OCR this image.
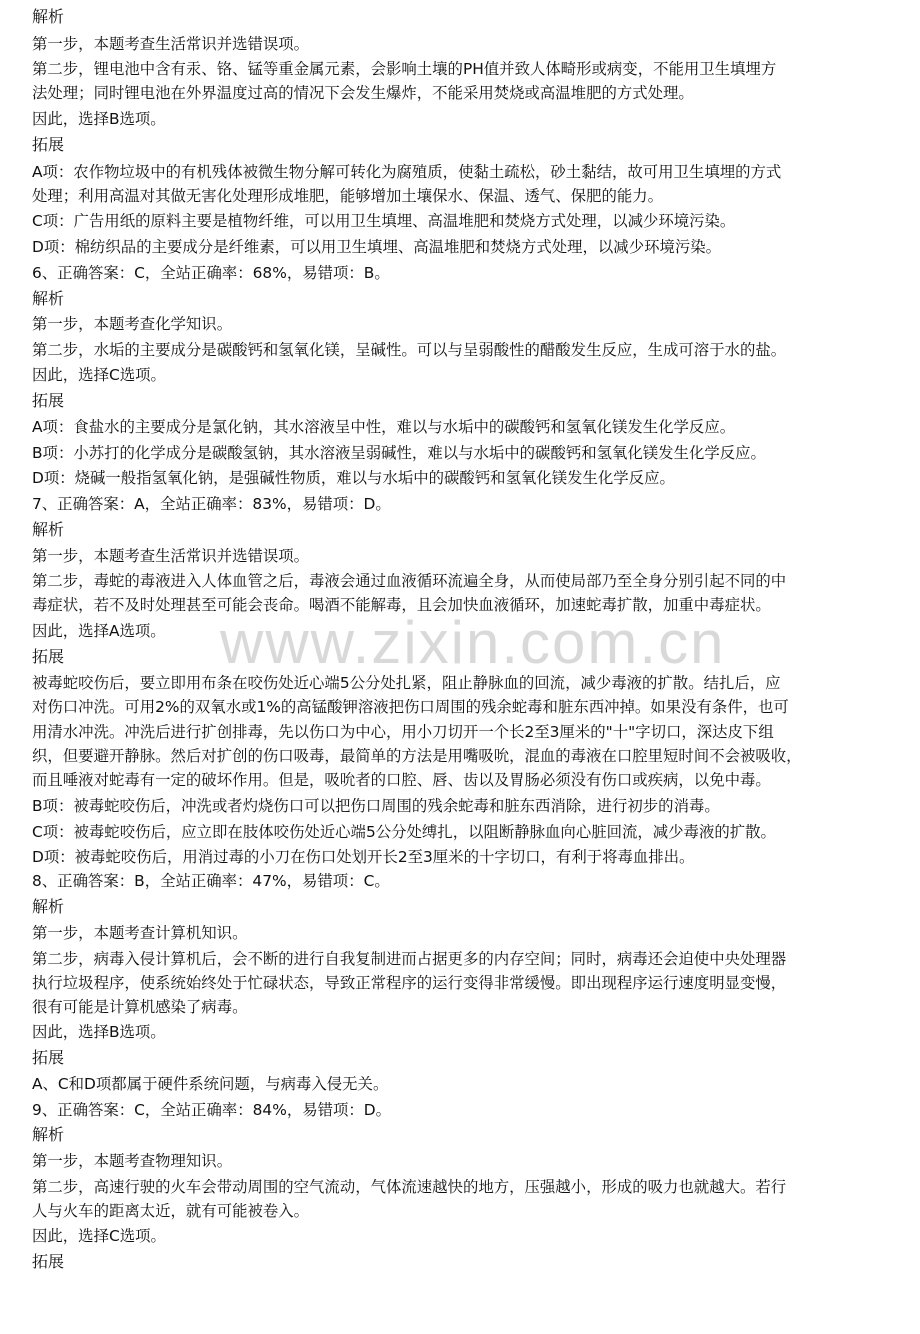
www.zixin.com.cn
解析
第一步，本题考查生活常识并选错误项。
第二步，锂电池中含有汞、铬、锰等重金属元素，会影响土壤的PH值并致人体畸形或病变，不能用卫生填埋方
法处理；同时锂电池在外界温度过高的情况下会发生爆炸，不能采用焚烧或高温堆肥的方式处理。
因此，选择B选项。
拓展
A项：农作物垃圾中的有机残体被微生物分解可转化为腐殖质，使黏土疏松，砂土黏结，故可用卫生填埋的方式
处理；利用高温对其做无害化处理形成堆肥，能够增加土壤保水、保温、透气、保肥的能力。
C项：广告用纸的原料主要是植物纤维，可以用卫生填埋、高温堆肥和焚烧方式处理，以减少环境污染。
D项：棉纺织品的主要成分是纤维素，可以用卫生填埋、高温堆肥和焚烧方式处理，以减少环境污染。
6、正确答案：C，全站正确率：68%，易错项：B。
解析
第一步，本题考查化学知识。
第二步，水垢的主要成分是碳酸钙和氢氧化镁，呈碱性。可以与呈弱酸性的醋酸发生反应，生成可溶于水的盐。
因此，选择C选项。
拓展
A项：食盐水的主要成分是氯化钠，其水溶液呈中性，难以与水垢中的碳酸钙和氢氧化镁发生化学反应。
B项：小苏打的化学成分是碳酸氢钠，其水溶液呈弱碱性，难以与水垢中的碳酸钙和氢氧化镁发生化学反应。
D项：烧碱一般指氢氧化钠，是强碱性物质，难以与水垢中的碳酸钙和氢氧化镁发生化学反应。
7、正确答案：A，全站正确率：83%，易错项：D。
解析
第一步，本题考查生活常识并选错误项。
第二步，毒蛇的毒液进入人体血管之后，毒液会通过血液循环流遍全身，从而使局部乃至全身分别引起不同的中
毒症状，若不及时处理甚至可能会丧命。喝酒不能解毒，且会加快血液循环，加速蛇毒扩散，加重中毒症状。
因此，选择A选项。
拓展
被毒蛇咬伤后，要立即用布条在咬伤处近心端5公分处扎紧，阻止静脉血的回流，减少毒液的扩散。结扎后，应
对伤口冲洗。可用2%的双氧水或1%的高锰酸钾溶液把伤口周围的残余蛇毒和脏东西冲掉。如果没有条件，也可
用清水冲洗。冲洗后进行扩创排毒，先以伤口为中心，用小刀切开一个长2至3厘米的"十"字切口，深达皮下组
织，但要避开静脉。然后对扩创的伤口吸毒，最简单的方法是用嘴吸吮，混血的毒液在口腔里短时间不会被吸收，
而且唾液对蛇毒有一定的破坏作用。但是，吸吮者的口腔、唇、齿以及胃肠必须没有伤口或疾病，以免中毒。
B项：被毒蛇咬伤后，冲洗或者灼烧伤口可以把伤口周围的残余蛇毒和脏东西消除，进行初步的消毒。
C项：被毒蛇咬伤后，应立即在肢体咬伤处近心端5公分处缚扎，以阻断静脉血向心脏回流，减少毒液的扩散。
D项：被毒蛇咬伤后，用消过毒的小刀在伤口处划开长2至3厘米的十字切口，有利于将毒血排出。
8、正确答案：B，全站正确率：47%，易错项：C。
解析
第一步，本题考查计算机知识。
第二步，病毒入侵计算机后，会不断的进行自我复制进而占据更多的内存空间；同时，病毒还会迫使中央处理器
执行垃圾程序，使系统始终处于忙碌状态，导致正常程序的运行变得非常缓慢。即出现程序运行速度明显变慢，
很有可能是计算机感染了病毒。
因此，选择B选项。
拓展
A、C和D项都属于硬件系统问题，与病毒入侵无关。
9、正确答案：C，全站正确率：84%，易错项：D。
解析
第一步，本题考查物理知识。
第二步，高速行驶的火车会带动周围的空气流动，气体流速越快的地方，压强越小，形成的吸力也就越大。若行
人与火车的距离太近，就有可能被卷入。
因此，选择C选项。
拓展
